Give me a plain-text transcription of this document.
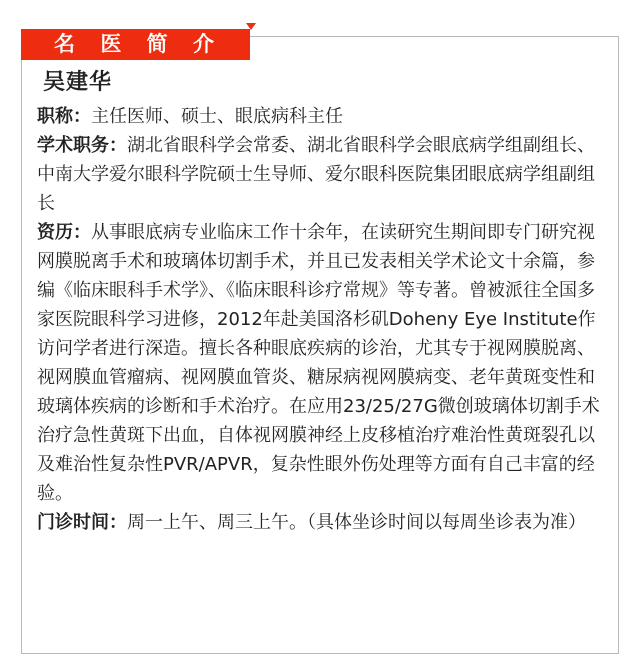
名 医 简 介
吴建华

职称：主任医师、硕士、眼底病科主任

学术职务：湖北省眼科学会常委、湖北省眼科学会眼底病学组副组长、中南大学爱尔眼科学院硕士生导师、爱尔眼科医院集团眼底病学组副组长

资历：从事眼底病专业临床工作十余年，在读研究生期间即专门研究视网膜脱离手术和玻璃体切割手术，并且已发表相关学术论文十余篇，参编《临床眼科手术学》、《临床眼科诊疗常规》等专著。曾被派往全国多家医院眼科学习进修，2012年赴美国洛杉矶Doheny Eye Institute作访问学者进行深造。擅长各种眼底疾病的诊治，尤其专于视网膜脱离、视网膜血管瘤病、视网膜血管炎、糖尿病视网膜病变、老年黄斑变性和玻璃体疾病的诊断和手术治疗。在应用23/25/27G微创玻璃体切割手术治疗急性黄斑下出血，自体视网膜神经上皮移植治疗难治性黄斑裂孔以及难治性复杂性PVR/APVR，复杂性眼外伤处理等方面有自己丰富的经验。

门诊时间：周一上午、周三上午。（具体坐诊时间以每周坐诊表为准）
